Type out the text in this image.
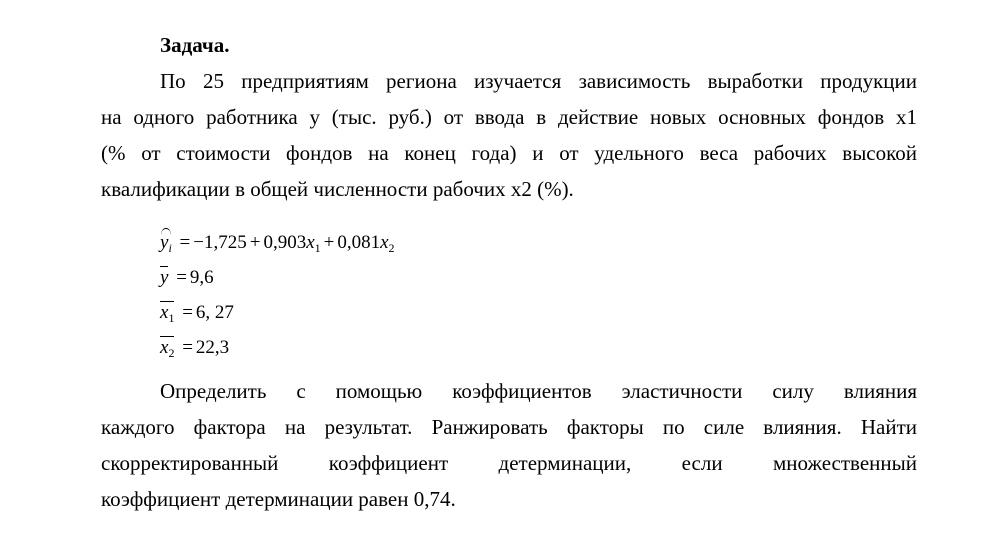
Задача.
По 25 предприятиям региона изучается зависимость выработки продукции
на одного работника y (тыс. руб.) от ввода в действие новых основных фондов x1
(% от стоимости фондов на конец года) и от удельного веса рабочих высокой
квалификации в общей численности рабочих x2 (%).
$y_i = -1,725 + 0,903x_1 + 0,081x_2$
y = 9,6
$x_1 = 6$, 27
$x_2 = 22,3$
Определить с помощью коэффициентов эластичности силу влияния
каждого фактора на результат. Ранжировать факторы по силе влияния. Найти
скорректированный коэффициент детерминации, если множественный
коэффициент детерминации равен 0,74.
